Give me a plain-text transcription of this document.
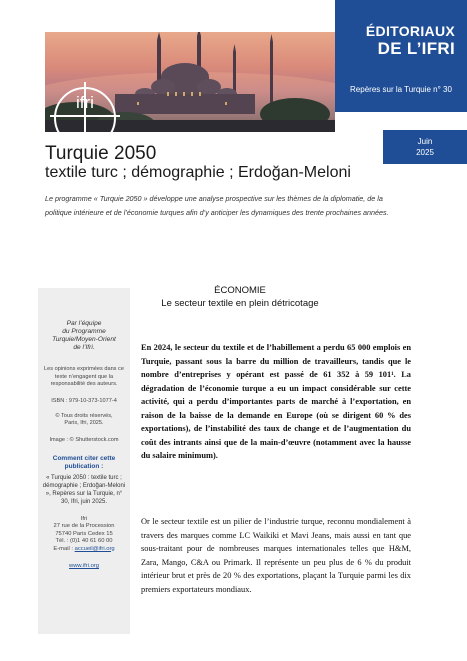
ÉDITORIAUX
DE L’IFRI
Repères sur la Turquie n° 30
Juin
2025
ifri
Turquie 2050
textile turc ; démographie ; Erdoğan-Meloni
Le programme « Turquie 2050 » développe une analyse prospective sur les thèmes de la diplomatie, de la politique intérieure et de l’économie turques afin d’y anticiper les dynamiques des trente prochaines années.
Par l’équipe
du Programme
Turquie/Moyen-Orient
de l’Ifri.
Les opinions exprimées dans ce texte n’engagent que la responsabilité des auteurs.
ISBN : 979-10-373-1077-4
© Tous droits réservés,
Paris, Ifri, 2025.
Image : © Shutterstock.com
Comment citer cette
publication :
« Turquie 2050 : textile turc ; démographie ; Erdoğan-Meloni », Repères sur la Turquie, n° 30, Ifri, juin 2025.
Ifri
27 rue de la Procession
75740 Paris Cedex 15
Tél. : (0)1 40 61 60 00
E-mail : accueil@ifri.org
www.ifri.org
ÉCONOMIE
Le secteur textile en plein détricotage
En 2024, le secteur du textile et de l’habillement a perdu 65 000 emplois en Turquie, passant sous la barre du million de travailleurs, tandis que le nombre d’entreprises y opérant est passé de 61 352 à 59 101¹. La dégradation de l’économie turque a eu un impact considérable sur cette activité, qui a perdu d’importantes parts de marché à l’exportation, en raison de la baisse de la demande en Europe (où se dirigent 60 % des exportations), de l’instabilité des taux de change et de l’augmentation du coût des intrants ainsi que de la main-d’œuvre (notamment avec la hausse du salaire minimum).
Or le secteur textile est un pilier de l’industrie turque, reconnu mondialement à travers des marques comme LC Waikiki et Mavi Jeans, mais aussi en tant que sous-traitant pour de nombreuses marques internationales telles que H&M, Zara, Mango, C&A ou Primark. Il représente un peu plus de 6 % du produit intérieur brut et près de 20 % des exportations, plaçant la Turquie parmi les dix premiers exportateurs mondiaux.
